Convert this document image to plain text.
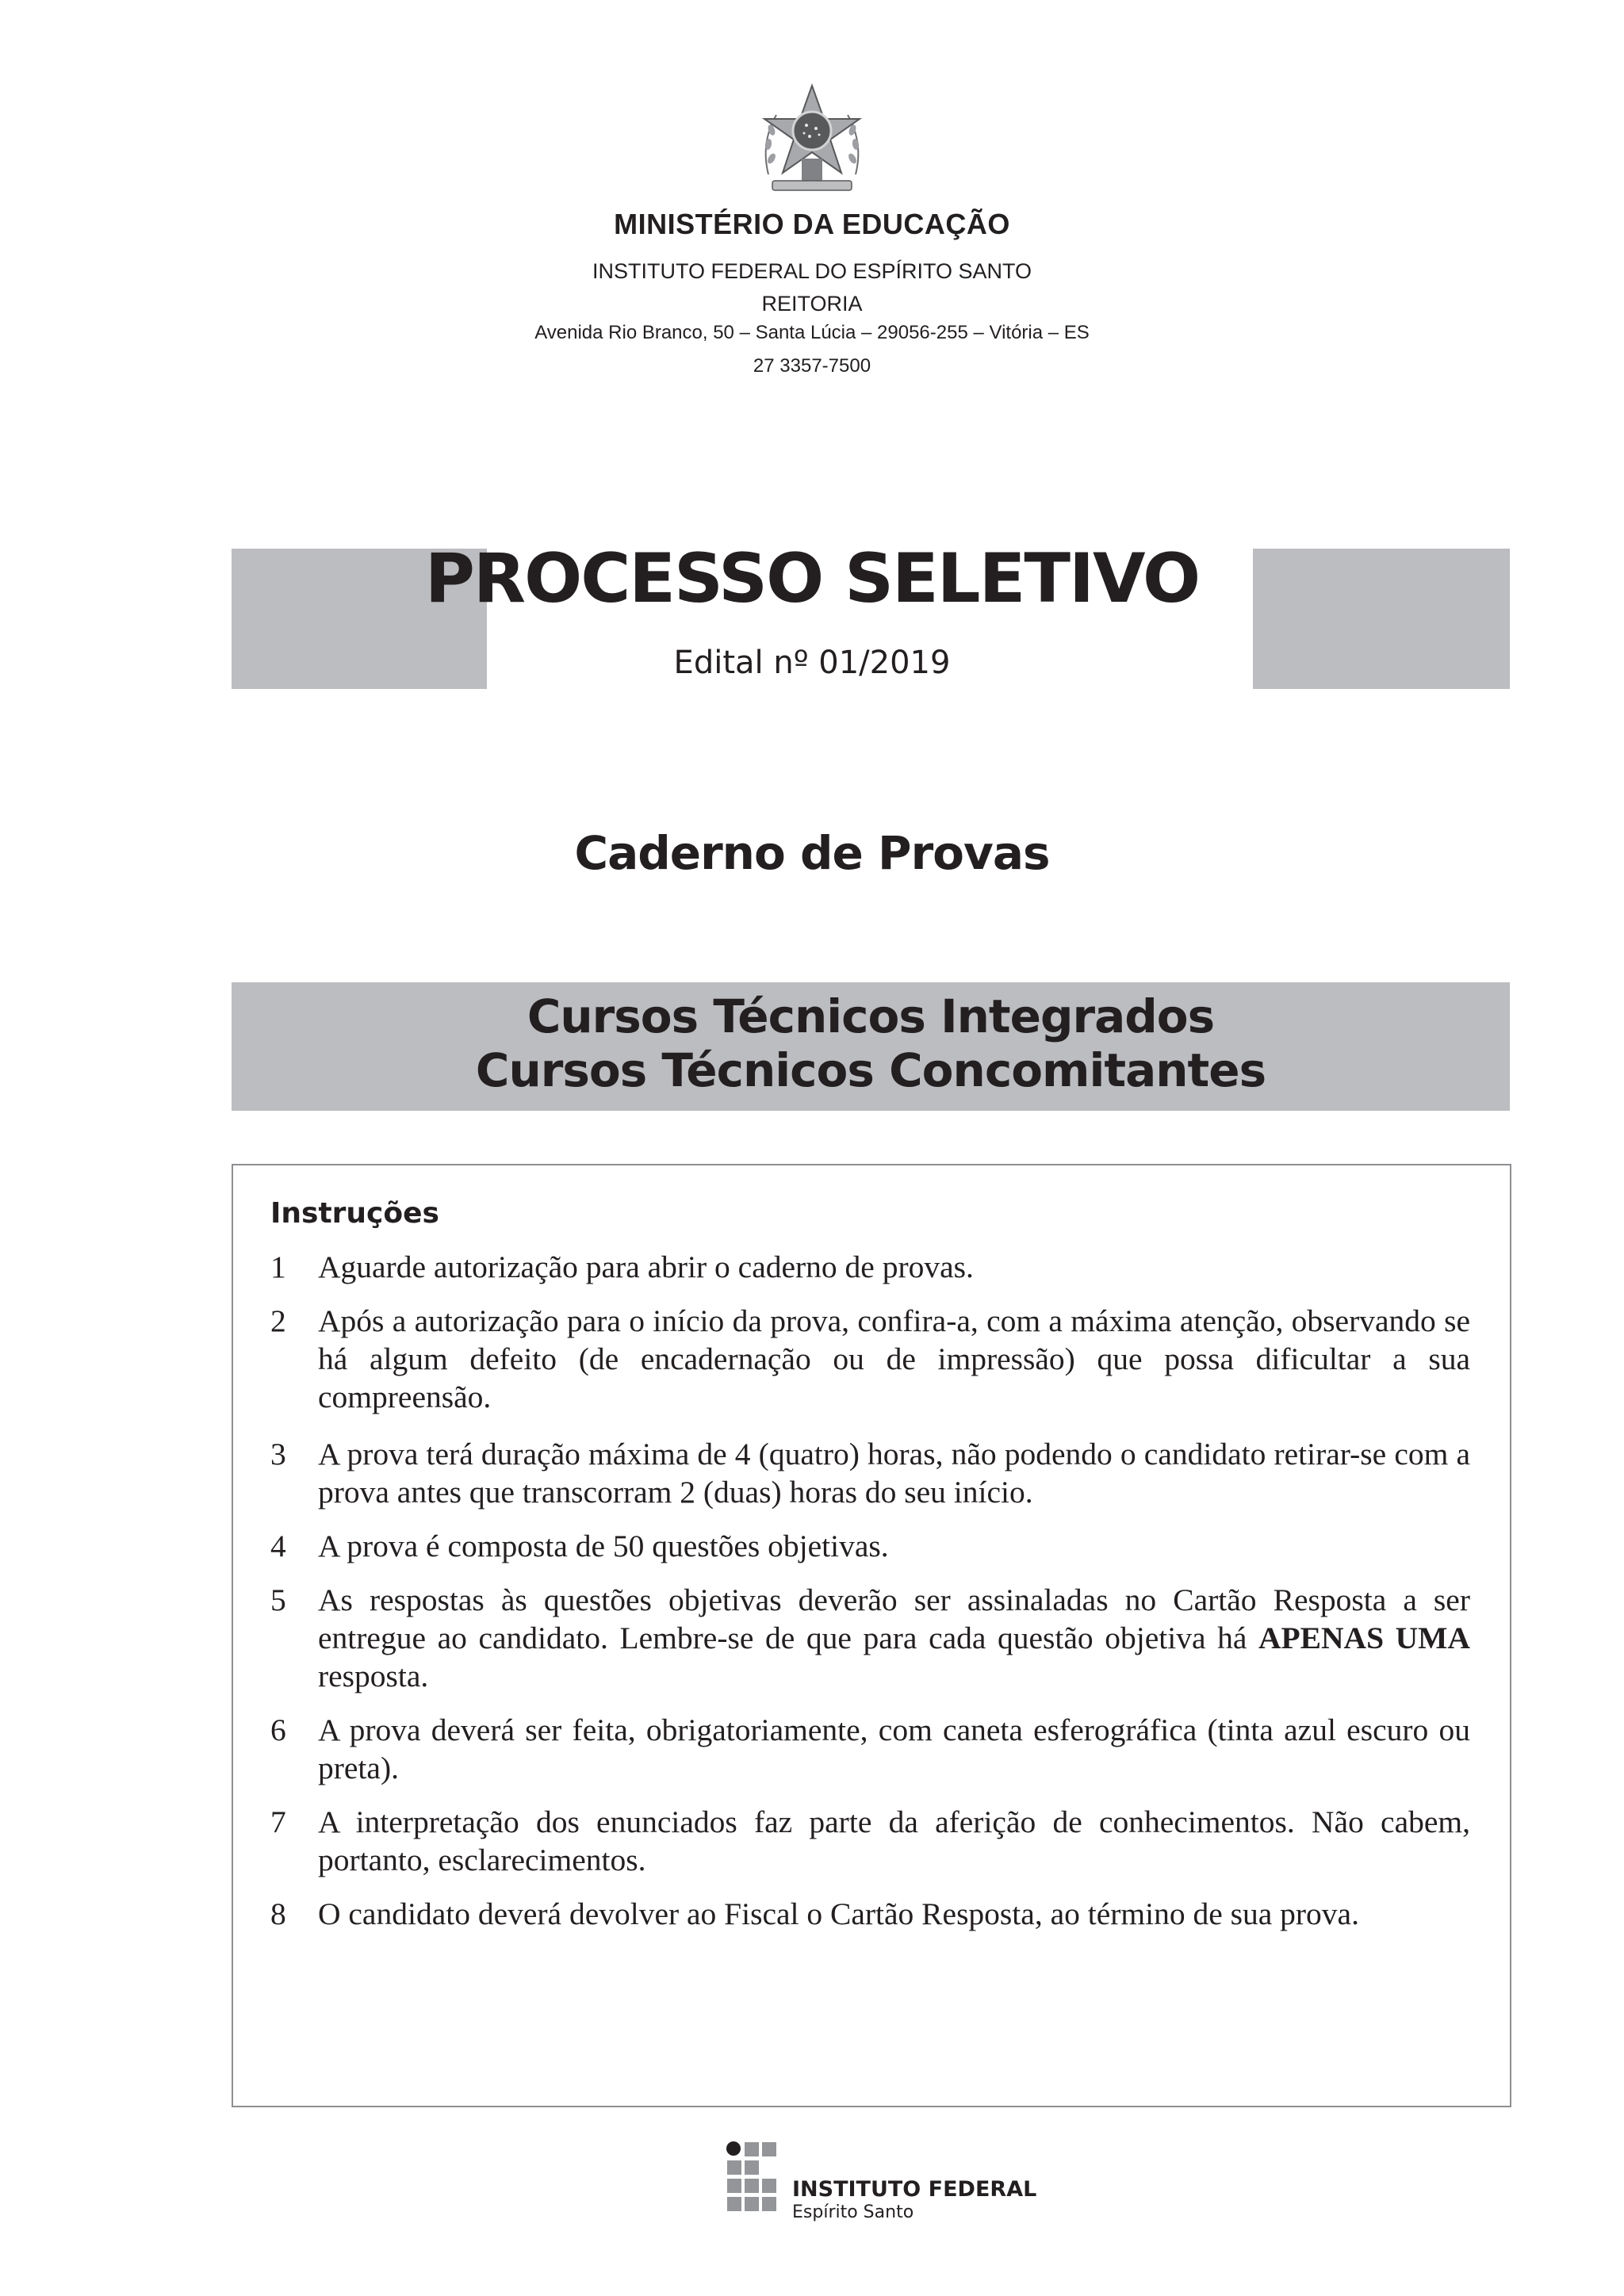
MINISTÉRIO DA EDUCAÇÃO
INSTITUTO FEDERAL DO ESPÍRITO SANTO
REITORIA
Avenida Rio Branco, 50 – Santa Lúcia – 29056-255 – Vitória – ES
27 3357-7500
PROCESSO SELETIVO
Edital nº 01/2019
Caderno de Provas
Cursos Técnicos Integrados
Cursos Técnicos Concomitantes
Instruções
1	Aguarde autorização para abrir o caderno de provas.
2	Após a autorização para o início da prova, confira-a, com a máxima atenção, observando se há algum defeito (de encadernação ou de impressão) que possa dificultar a sua compreensão.
3	A prova terá duração máxima de 4 (quatro) horas, não podendo o candidato retirar-se com a prova antes que transcorram 2 (duas) horas do seu início.
4	A prova é composta de 50 questões objetivas.
5	As respostas às questões objetivas deverão ser assinaladas no Cartão Resposta a ser entregue ao candidato. Lembre-se de que para cada questão objetiva há APENAS UMA resposta.
6	A prova deverá ser feita, obrigatoriamente, com caneta esferográfica (tinta azul escuro ou preta).
7	A interpretação dos enunciados faz parte da aferição de conhecimentos. Não cabem, portanto, esclarecimentos.
8	O candidato deverá devolver ao Fiscal o Cartão Resposta, ao término de sua prova.
INSTITUTO FEDERAL
Espírito Santo
